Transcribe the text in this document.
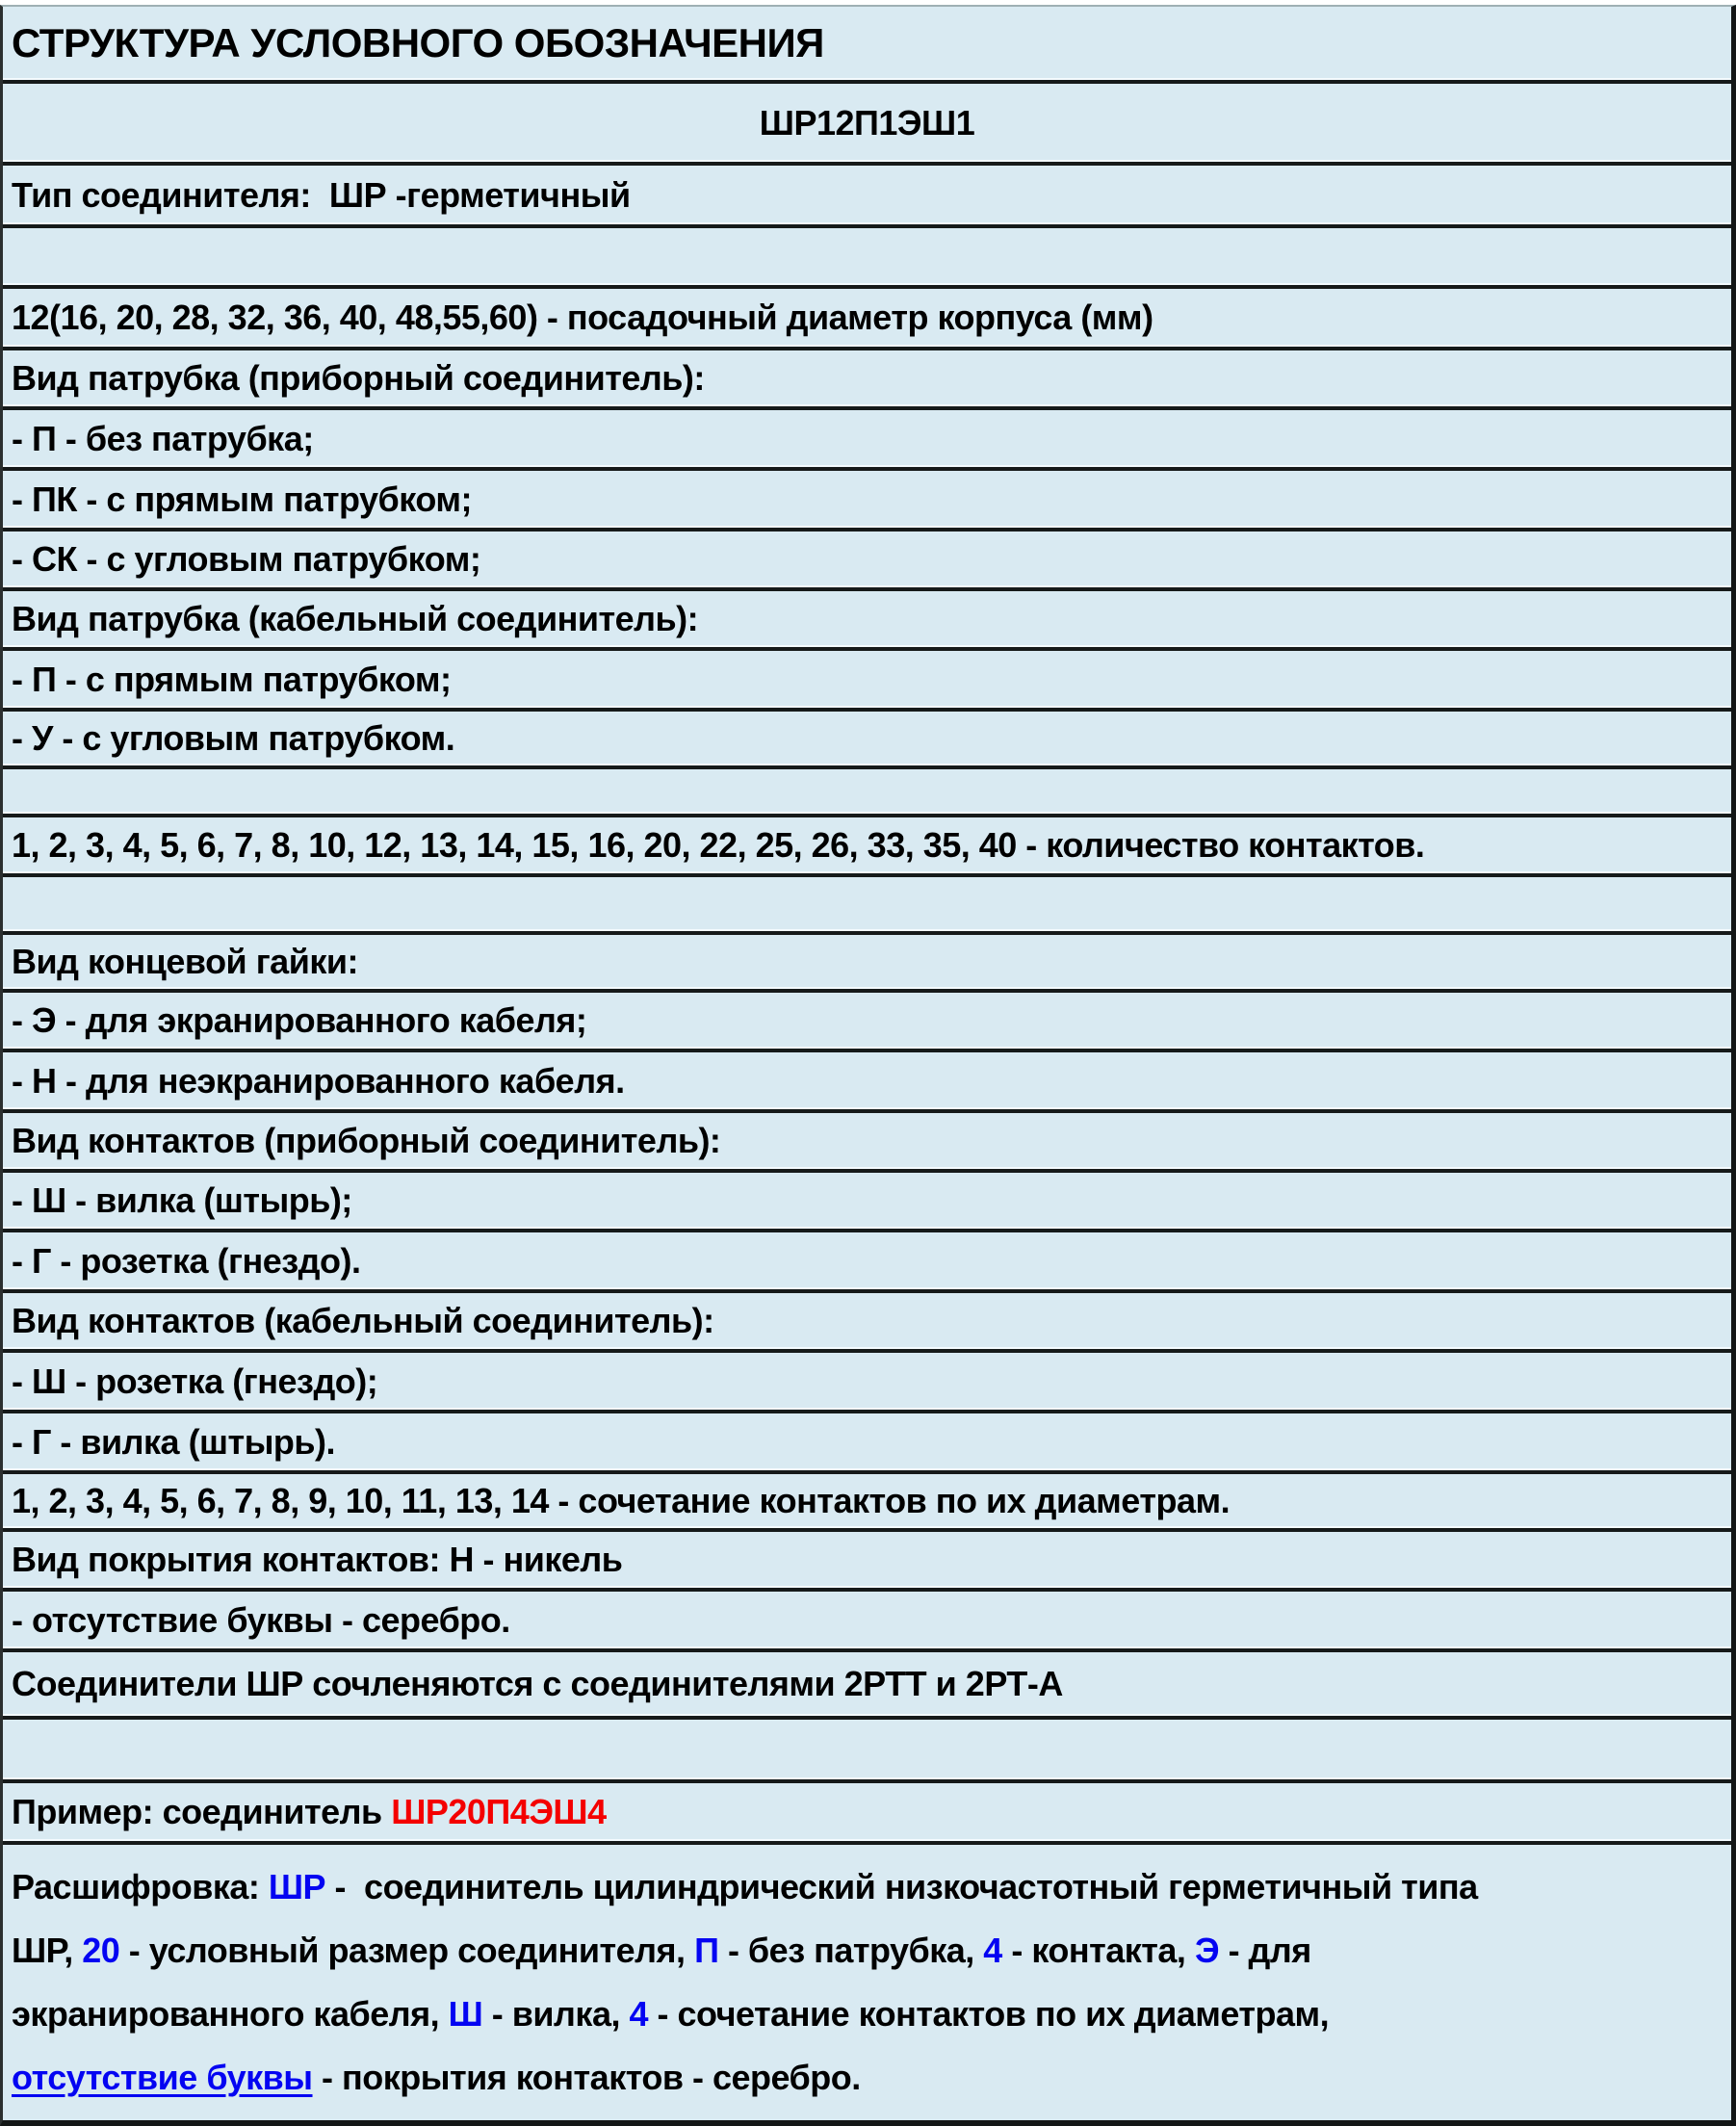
СТРУКТУРА УСЛОВНОГО ОБОЗНАЧЕНИЯ
ШР12П1ЭШ1
Тип соединителя:  ШР -герметичный
12(16, 20, 28, 32, 36, 40, 48,55,60) - посадочный диаметр корпуса (мм)
Вид патрубка (приборный соединитель):
- П - без патрубка;
- ПК - с прямым патрубком;
- СК - с угловым патрубком;
Вид патрубка (кабельный соединитель):
- П - с прямым патрубком;
- У - с угловым патрубком.
1, 2, 3, 4, 5, 6, 7, 8, 10, 12, 13, 14, 15, 16, 20, 22, 25, 26, 33, 35, 40 - количество контактов.
Вид концевой гайки:
- Э - для экранированного кабеля;
- Н - для неэкранированного кабеля.
Вид контактов (приборный соединитель):
- Ш - вилка (штырь);
- Г - розетка (гнездо).
Вид контактов (кабельный соединитель):
- Ш - розетка (гнездо);
- Г - вилка (штырь).
1, 2, 3, 4, 5, 6, 7, 8, 9, 10, 11, 13, 14 - сочетание контактов по их диаметрам.
Вид покрытия контактов: Н - никель
- отсутствие буквы - серебро.
Соединители ШР сочленяются с соединителями 2РТТ и 2РТ-А
Пример: соединитель ШР20П4ЭШ4
Расшифровка: ШР -  соединитель цилиндрический низкочастотный герметичный типа
ШР, 20 - условный размер соединителя, П - без патрубка, 4 - контакта, Э - для
экранированного кабеля, Ш - вилка, 4 - сочетание контактов по их диаметрам,
отсутствие буквы - покрытия контактов - серебро.
